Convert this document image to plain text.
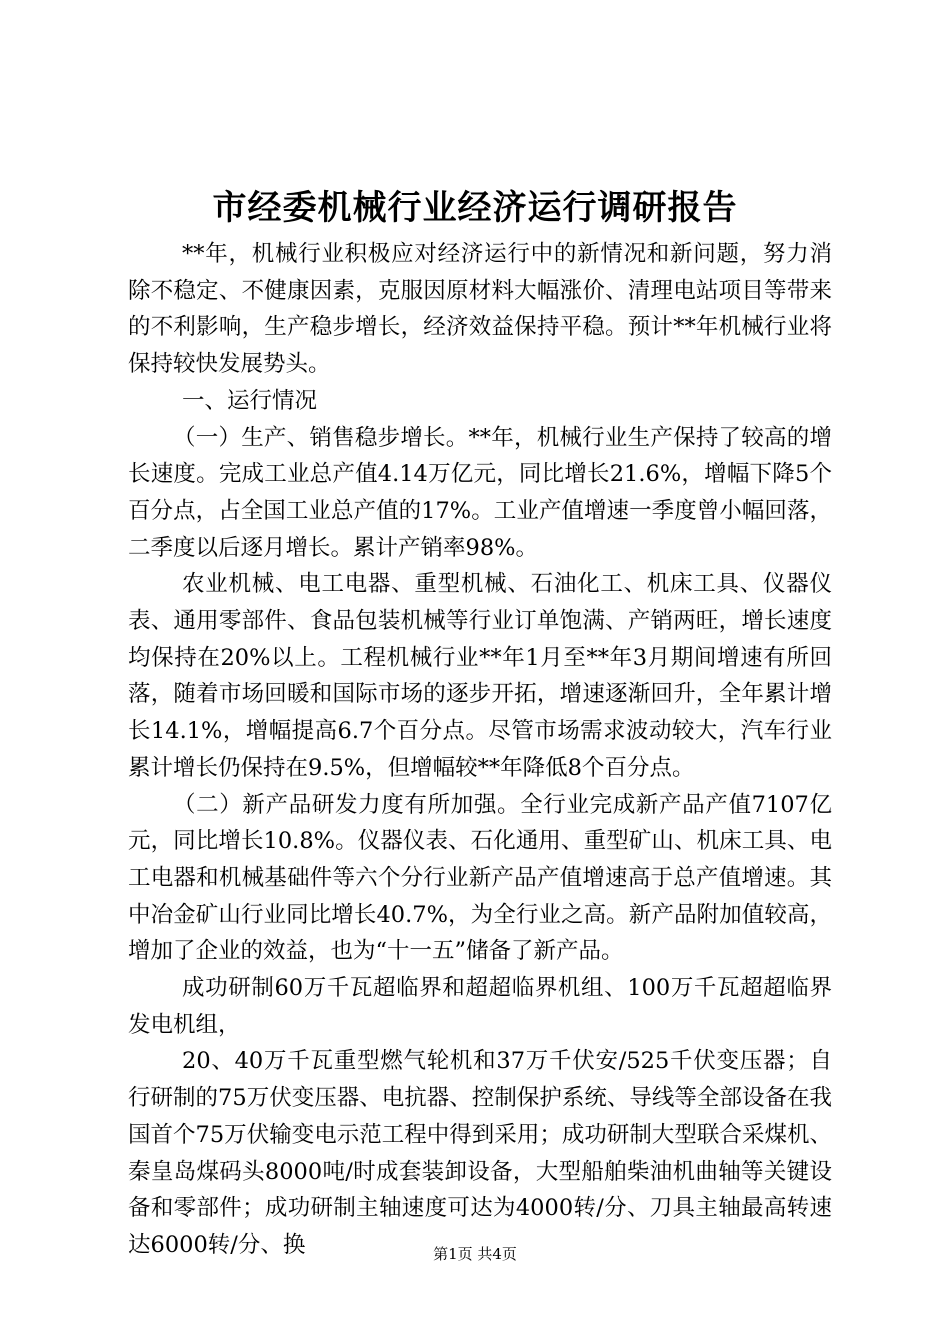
市经委机械行业经济运行调研报告

**年，机械行业积极应对经济运行中的新情况和新问题，努力消除不稳定、不健康因素，克服因原材料大幅涨价、清理电站项目等带来的不利影响，生产稳步增长，经济效益保持平稳。预计**年机械行业将保持较快发展势头。

一、运行情况

（一）生产、销售稳步增长。**年，机械行业生产保持了较高的增长速度。完成工业总产值4.14万亿元，同比增长21.6%，增幅下降5个百分点，占全国工业总产值的17%。工业产值增速一季度曾小幅回落，二季度以后逐月增长。累计产销率98%。

农业机械、电工电器、重型机械、石油化工、机床工具、仪器仪表、通用零部件、食品包装机械等行业订单饱满、产销两旺，增长速度均保持在20%以上。工程机械行业**年1月至**年3月期间增速有所回落，随着市场回暖和国际市场的逐步开拓，增速逐渐回升，全年累计增长14.1%，增幅提高6.7个百分点。尽管市场需求波动较大，汽车行业累计增长仍保持在9.5%，但增幅较**年降低8个百分点。

（二）新产品研发力度有所加强。全行业完成新产品产值7107亿元，同比增长10.8%。仪器仪表、石化通用、重型矿山、机床工具、电工电器和机械基础件等六个分行业新产品产值增速高于总产值增速。其中冶金矿山行业同比增长40.7%，为全行业之高。新产品附加值较高，增加了企业的效益，也为“十一五”储备了新产品。

成功研制60万千瓦超临界和超超临界机组、100万千瓦超超临界发电机组，

20、40万千瓦重型燃气轮机和37万千伏安/525千伏变压器；自行研制的75万伏变压器、电抗器、控制保护系统、导线等全部设备在我国首个75万伏输变电示范工程中得到采用；成功研制大型联合采煤机、秦皇岛煤码头8000吨/时成套装卸设备，大型船舶柴油机曲轴等关键设备和零部件；成功研制主轴速度可达为4000转/分、刀具主轴最高转速达6000转/分、换	第1页 共4页
